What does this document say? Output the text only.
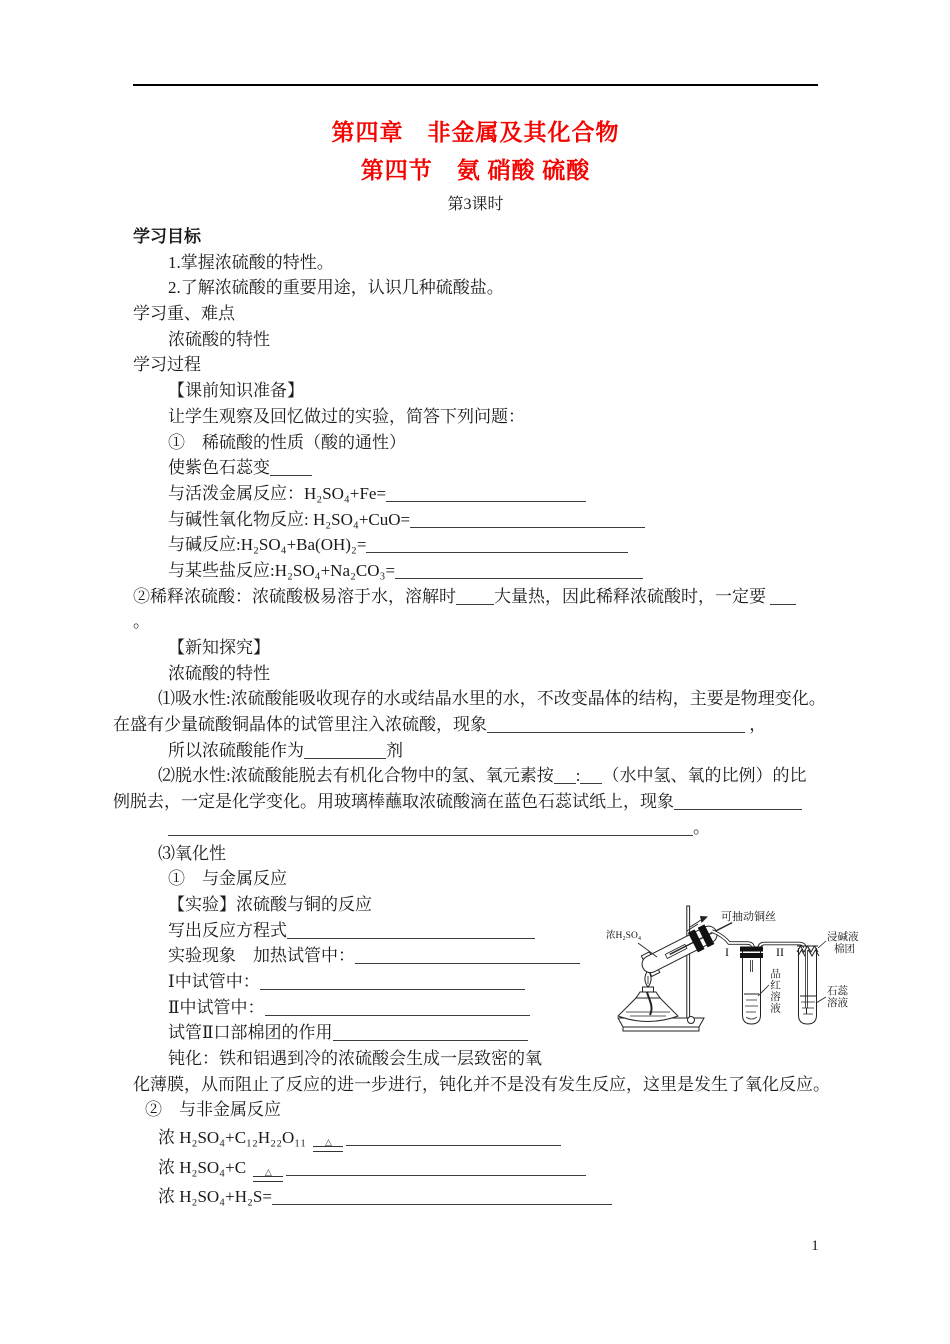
第四章　非金属及其化合物
第四节　氨 硝酸 硫酸
第3课时
学习目标
1.掌握浓硫酸的特性。
2.了解浓硫酸的重要用途，认识几种硫酸盐。
学习重、难点
浓硫酸的特性
学习过程
【课前知识准备】
让学生观察及回忆做过的实验，简答下列问题：
①　稀硫酸的性质（酸的通性）
使紫色石蕊变
与活泼金属反应：H₂SO₄+Fe=
与碱性氧化物反应: H₂SO₄+CuO=
与碱反应:H₂SO₄+Ba(OH)₂=
与某些盐反应:H₂SO₄+Na₂CO₃=
②稀释浓硫酸：浓硫酸极易溶于水，溶解时 大量热，因此稀释浓硫酸时，一定要
。
【新知探究】
浓硫酸的特性
⑴吸水性:浓硫酸能吸收现存的水或结晶水里的水，不改变晶体的结构，主要是物理变化。
在盛有少量硫酸铜晶体的试管里注入浓硫酸，现象	，
所以浓硫酸能作为	剂
⑵脱水性:浓硫酸能脱去有机化合物中的氢、氧元素按 : （水中氢、氧的比例）的比
例脱去，一定是化学变化。用玻璃棒蘸取浓硫酸滴在蓝色石蕊试纸上，现象
。
⑶氧化性
①　与金属反应
【实验】浓硫酸与铜的反应
写出反应方程式
实验现象　加热试管中：
Ⅰ中试管中：
Ⅱ中试管中：
试管Ⅱ口部棉团的作用
钝化：铁和铝遇到冷的浓硫酸会生成一层致密的氧
化薄膜，从而阻止了反应的进一步进行，钝化并不是没有发生反应，这里是发生了氧化反应。
②　与非金属反应
浓 H₂SO₄+C₁₂H₂₂O₁₁ △
浓 H₂SO₄+C △
浓 H₂SO₄+H₂S=
浓H₂SO₄
可抽动铜丝
I	II
品红溶液
浸碱液
棉团
石蕊
溶液
1
